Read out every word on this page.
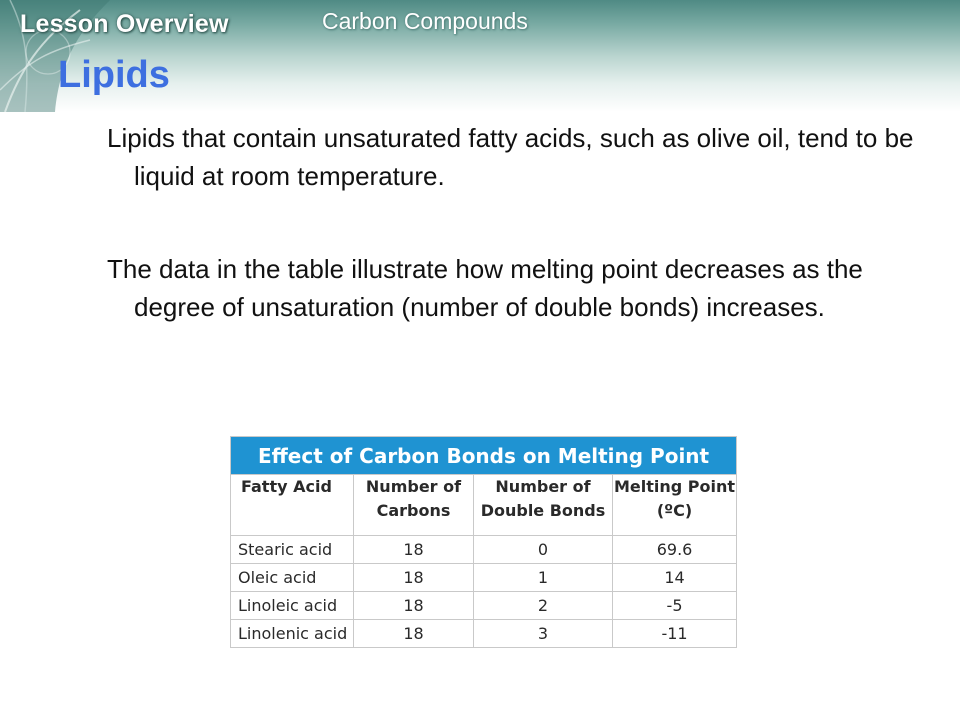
Lesson Overview	Carbon Compounds
Lipids

Lipids that contain unsaturated fatty acids, such as olive oil, tend to be liquid at room temperature.

The data in the table illustrate how melting point decreases as the degree of unsaturation (number of double bonds) increases.

Effect of Carbon Bonds on Melting Point			
Fatty Acid	Number of Carbons	Number of Double Bonds	Melting Point (ºC)
Stearic acid	18	0	69.6
Oleic acid	18	1	14
Linoleic acid	18	2	-5
Linolenic acid	18	3	-11
